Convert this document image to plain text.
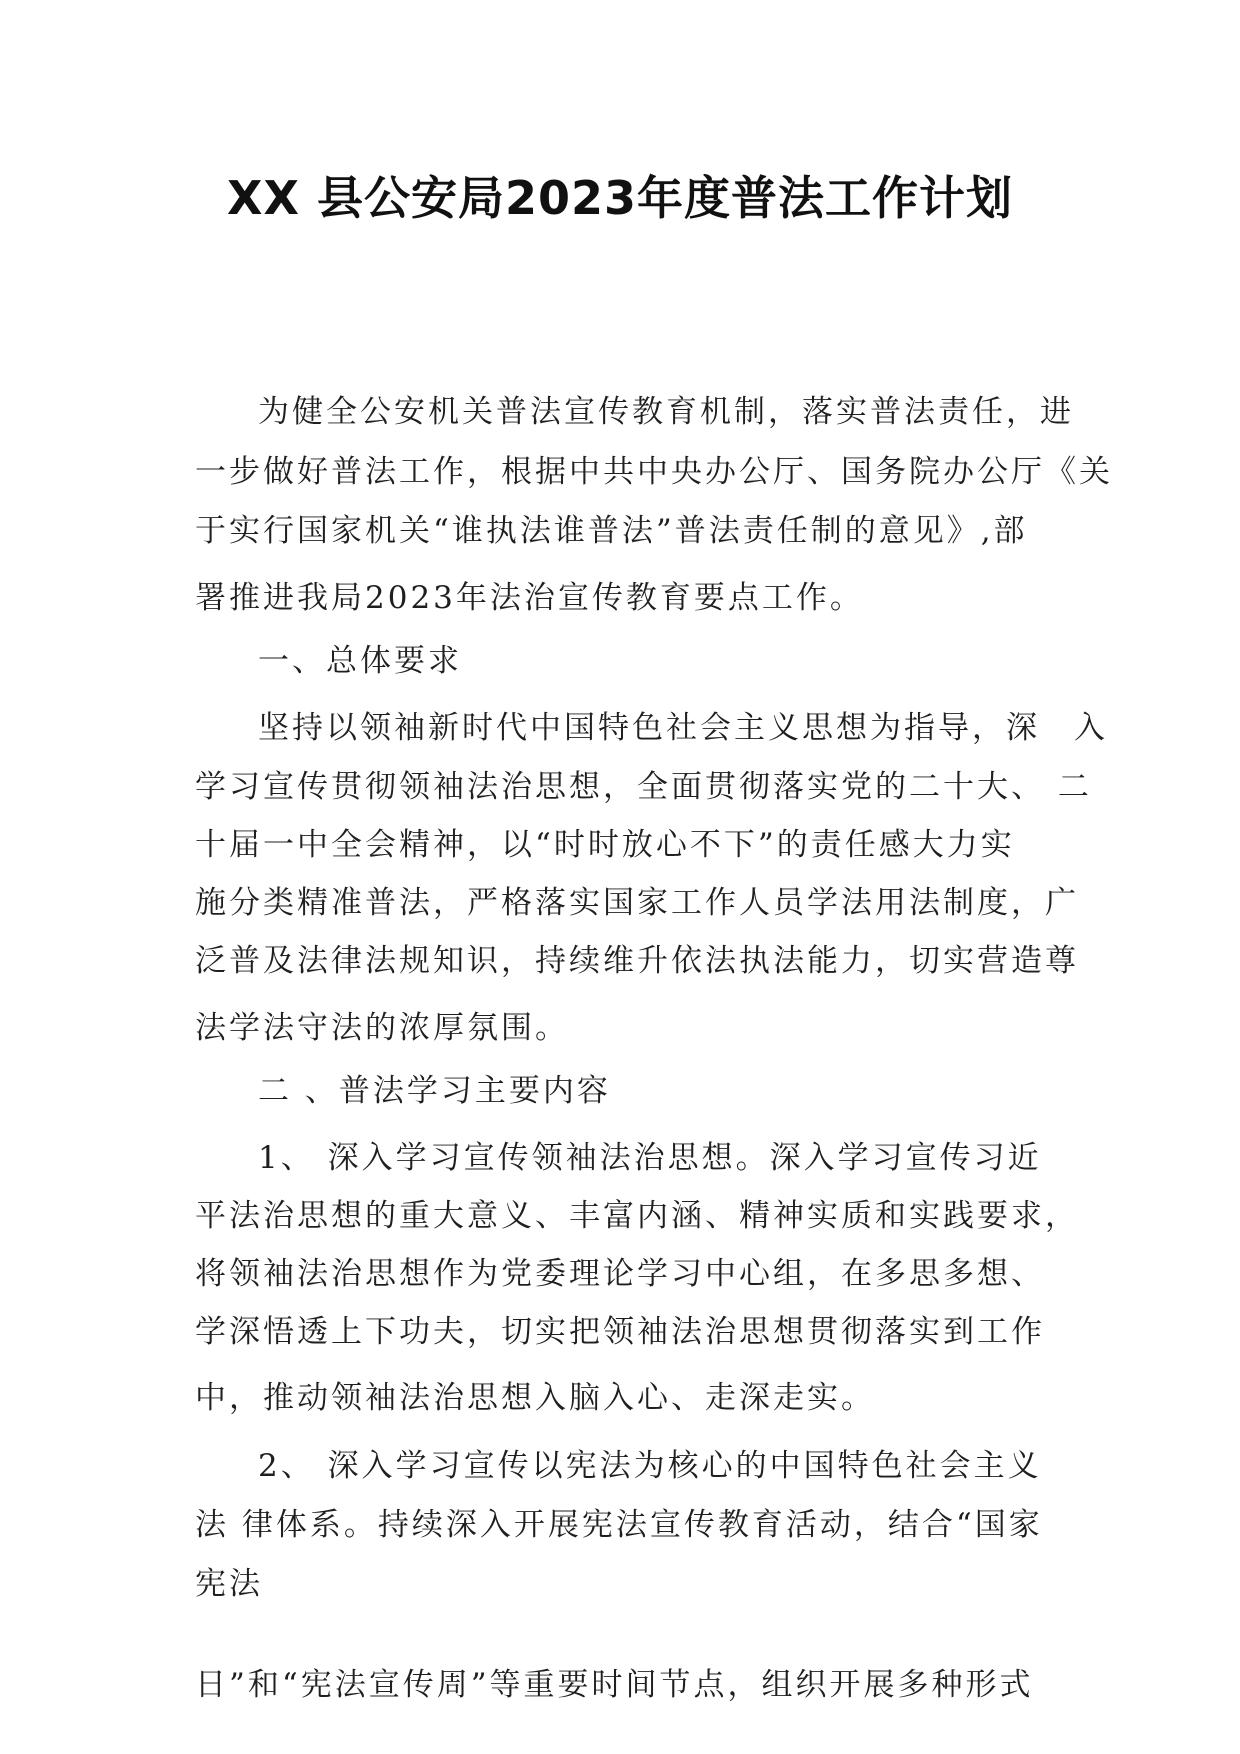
XX 县公安局2023年度普法工作计划
为健全公安机关普法宣传教育机制，落实普法责任，进
一步做好普法工作，根据中共中央办公厅、国务院办公厅《关
于实行国家机关“谁执法谁普法”普法责任制的意见》,部
署推进我局2023年法治宣传教育要点工作。
一、总体要求
坚持以领袖新时代中国特色社会主义思想为指导，深　入
学习宣传贯彻领袖法治思想，全面贯彻落实党的二十大、 二
十届一中全会精神，以“时时放心不下”的责任感大力实
施分类精准普法，严格落实国家工作人员学法用法制度，广
泛普及法律法规知识，持续维升依法执法能力，切实营造尊
法学法守法的浓厚氛围。
二 、普法学习主要内容
1、 深入学习宣传领袖法治思想。深入学习宣传习近
平法治思想的重大意义、丰富内涵、精神实质和实践要求，
将领袖法治思想作为党委理论学习中心组，在多思多想、
学深悟透上下功夫，切实把领袖法治思想贯彻落实到工作
中，推动领袖法治思想入脑入心、走深走实。
2、 深入学习宣传以宪法为核心的中国特色社会主义
法 律体系。持续深入开展宪法宣传教育活动，结合“国家
宪法
日”和“宪法宣传周”等重要时间节点，组织开展多种形式
